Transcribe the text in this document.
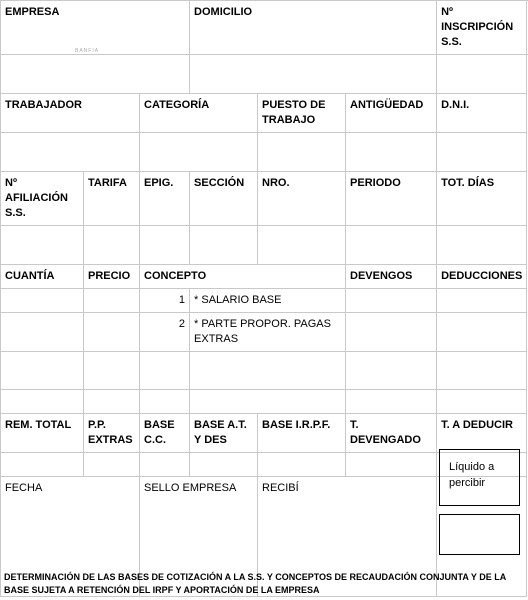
EMPRESA			DOMICILIO			Nº INSCRIPCIÓN S.S.

TRABAJADOR		CATEGORÍA		PUESTO DE TRABAJO	ANTIGÜEDAD	D.N.I.

Nº AFILIACIÓN S.S.	TARIFA	EPIG.	SECCIÓN	NRO.	PERIODO	TOT. DÍAS

CUANTÍA	PRECIO	CONCEPTO			DEVENGOS	DEDUCCIONES
		1	* SALARIO BASE			
		2	* PARTE PROPOR. PAGAS EXTRAS			

REM. TOTAL	P.P. EXTRAS	BASE C.C.	BASE A.T. Y DES	BASE I.R.P.F.	T. DEVENGADO	T. A DEDUCIR

FECHA		SELLO EMPRESA		RECIBÍ		
BANFIA
Líquido a percibir
DETERMINACIÓN DE LAS BASES DE COTIZACIÓN A LA S.S. Y CONCEPTOS DE RECAUDACIÓN CONJUNTA Y DE LA BASE SUJETA A RETENCIÓN DEL IRPF Y APORTACIÓN DE LA EMPRESA
